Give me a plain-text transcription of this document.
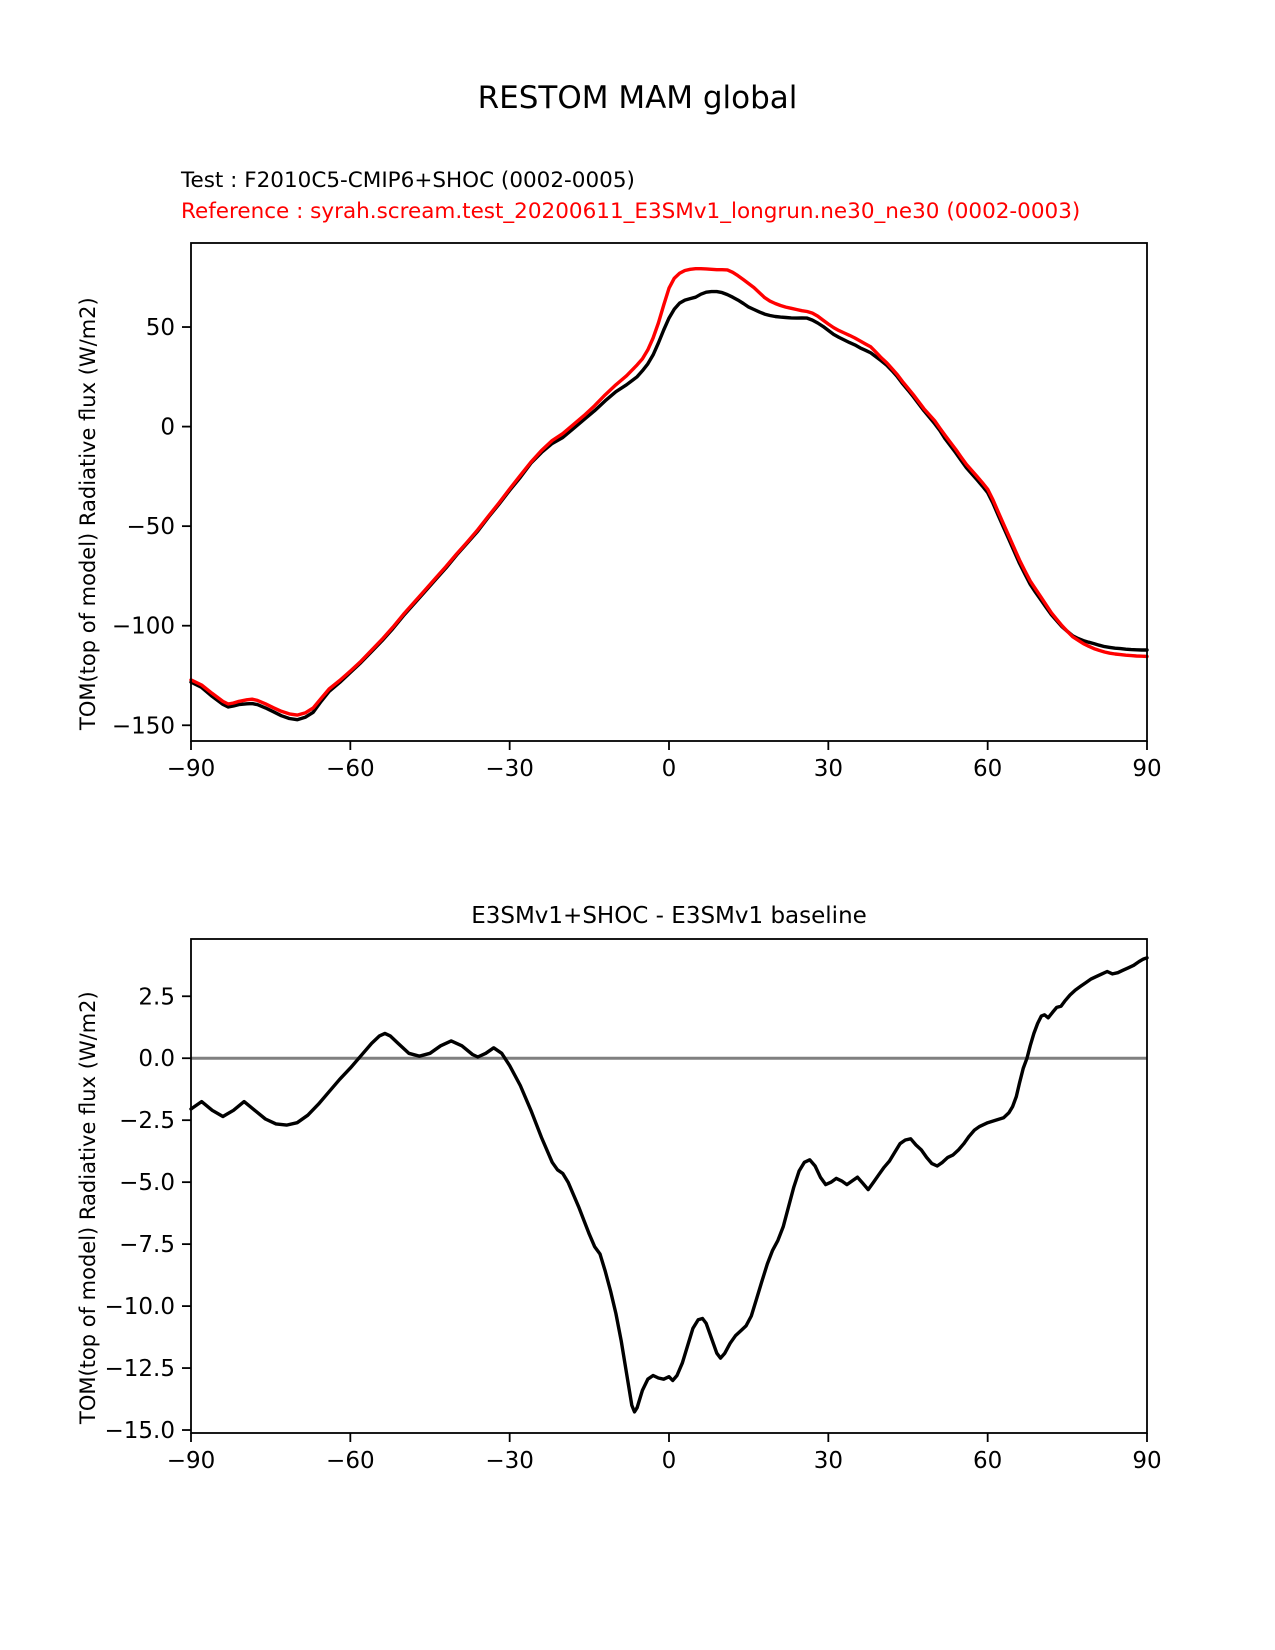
RESTOM MAM global
Test : F2010C5-CMIP6+SHOC (0002-0005)
Reference : syrah.scream.test_20200611_E3SMv1_longrun.ne30_ne30 (0002-0003)
TOM(top of model) Radiative flux (W/m2)
TOM(top of model) Radiative flux (W/m2)
E3SMv1+SHOC - E3SMv1 baseline
−90	−60	−30	0	30	60	90
50
0
−50
−100
−150
−90	−60	−30	0	30	60	90
2.5
0.0
−2.5
−5.0
−7.5
−10.0
−12.5
−15.0
